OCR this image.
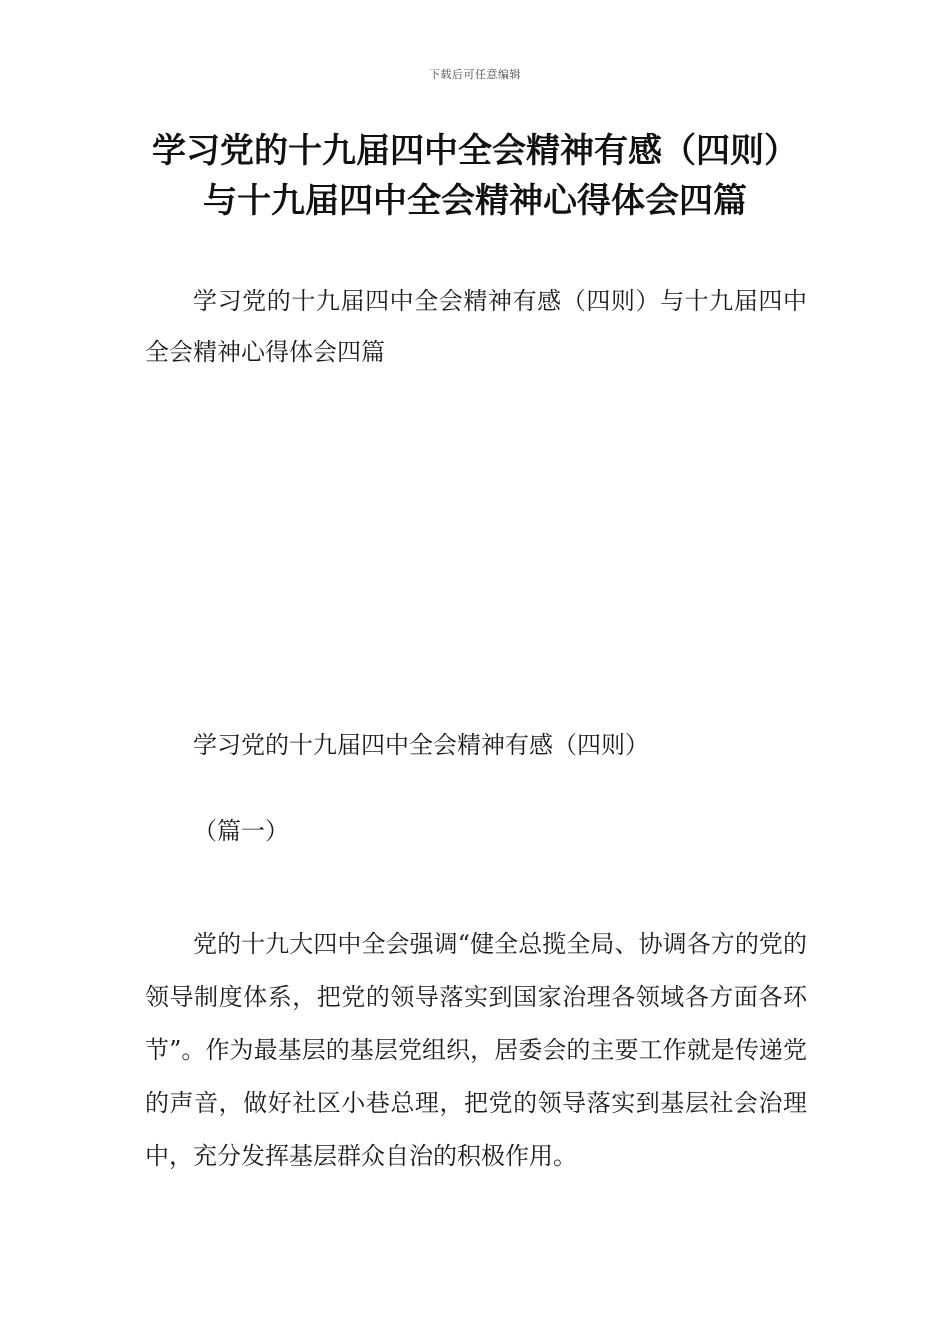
下载后可任意编辑
学习党的十九届四中全会精神有感（四则）与十九届四中全会精神心得体会四篇

学习党的十九届四中全会精神有感（四则）与十九届四中全会精神心得体会四篇

学习党的十九届四中全会精神有感（四则）

（篇一）

党的十九大四中全会强调“健全总揽全局、协调各方的党的领导制度体系，把党的领导落实到国家治理各领域各方面各环节”。作为最基层的基层党组织，居委会的主要工作就是传递党的声音，做好社区小巷总理，把党的领导落实到基层社会治理中，充分发挥基层群众自治的积极作用。
